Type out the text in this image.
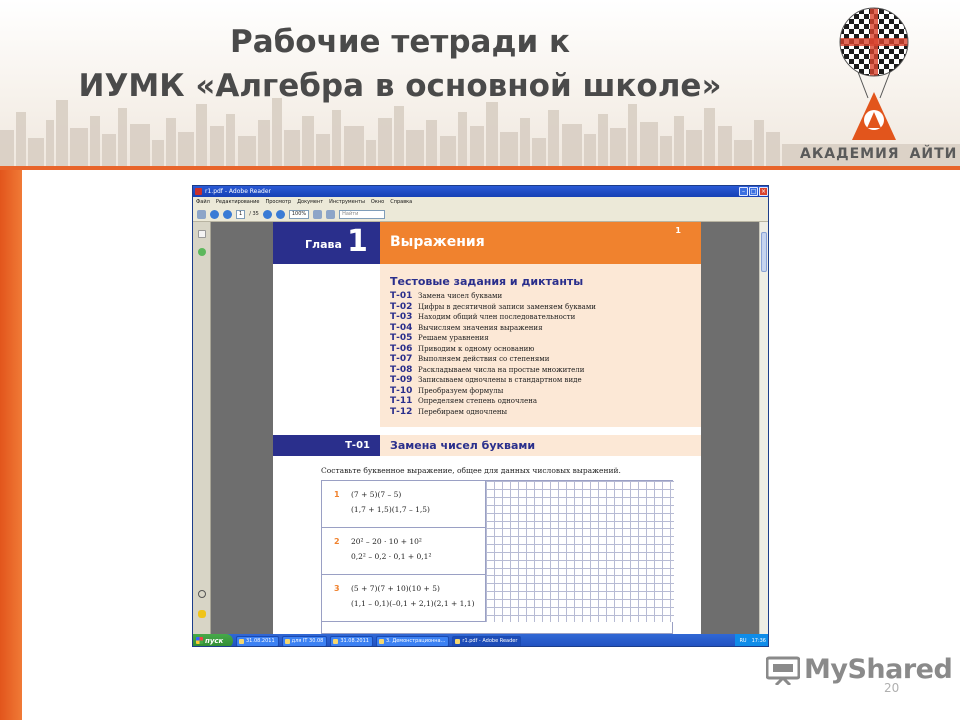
Рабочие тетради к
ИУМК «Алгебра в основной школе»
АКАДЕМИЯ АЙТИ
r1.pdf - Adobe Reader	– □ ×
Файл Редактирование Просмотр Документ Инструменты Окно Справка
1	/ 35	100%	Найти
Глава 1 Выражения
1
Тестовые задания и диктанты
Т-01 Замена чисел буквами
Т-02 Цифры в десятичной записи заменяем буквами
Т-03 Находим общий член последовательности
Т-04 Вычисляем значения выражения
Т-05 Решаем уравнения
Т-06 Приводим к одному основанию
Т-07 Выполняем действия со степенями
Т-08 Раскладываем числа на простые множители
Т-09 Записываем одночлены в стандартном виде
Т-10 Преобразуем формулы
Т-11 Определяем степень одночлена
Т-12 Перебираем одночлены
Т-01	Замена чисел буквами
Составьте буквенное выражение, общее для данных числовых выражений.
1 (7 + 5)(7 – 5)
(1,7 + 1,5)(1,7 – 1,5)
2 20² – 20 · 10 + 10²
0,2² – 0,2 · 0,1 + 0,1²
3 (5 + 7)(7 + 10)(10 + 5)
(1,1 – 0,1)(–0,1 + 2,1)(2,1 + 1,1)
пуск	31.08.2011	для IT 30.08	31.08.2011	3. Демонстрационна...	r1.pdf - Adobe Reader	RU 17:36
MyShared
20
